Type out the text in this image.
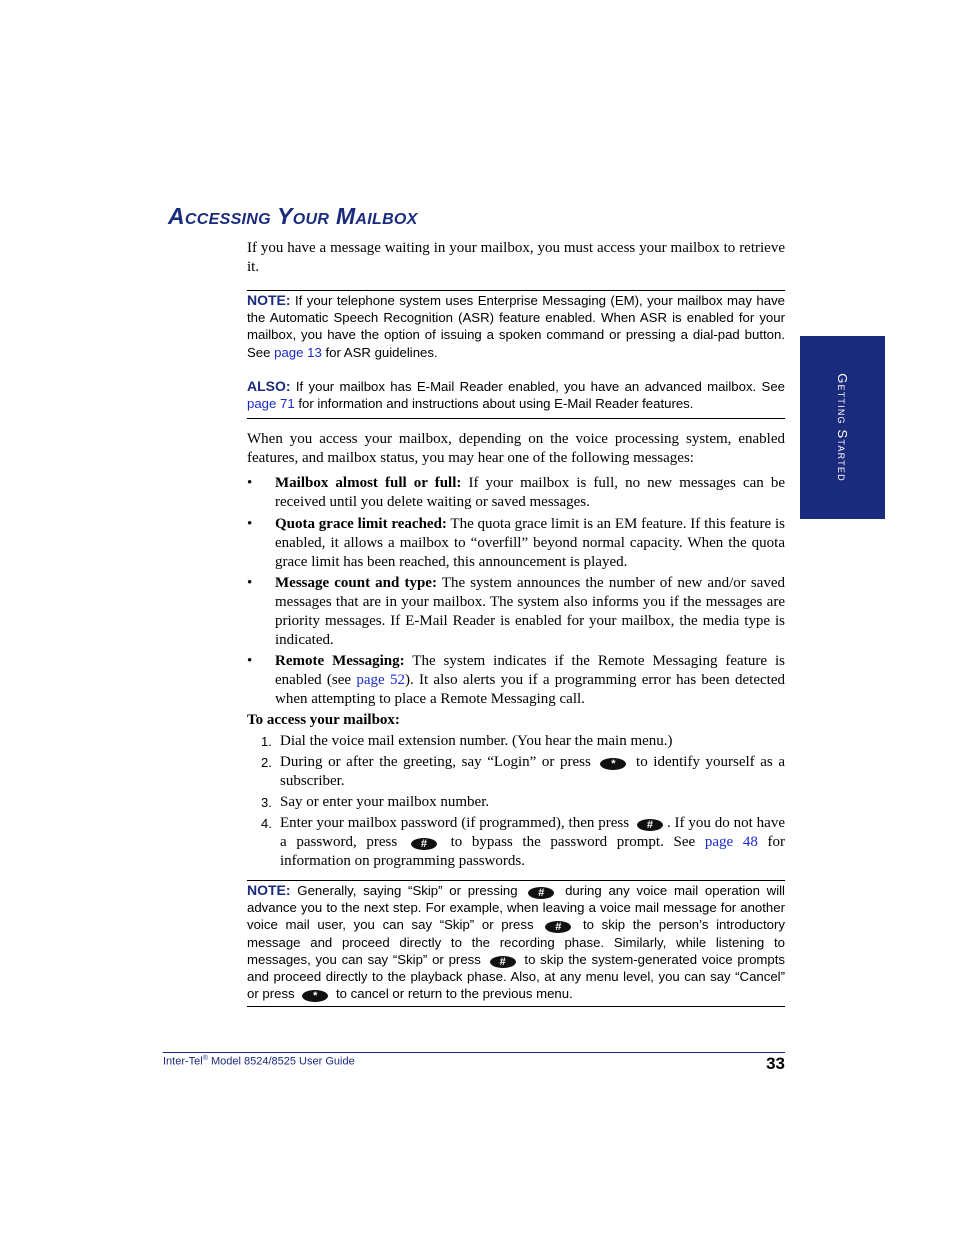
Accessing Your Mailbox
If you have a message waiting in your mailbox, you must access your mailbox to retrieve it.
NOTE: If your telephone system uses Enterprise Messaging (EM), your mailbox may have the Automatic Speech Recognition (ASR) feature enabled. When ASR is enabled for your mailbox, you have the option of issuing a spoken command or pressing a dial-pad button. See page 13 for ASR guidelines.
ALSO: If your mailbox has E-Mail Reader enabled, you have an advanced mailbox. See page 71 for information and instructions about using E-Mail Reader features.
When you access your mailbox, depending on the voice processing system, enabled features, and mailbox status, you may hear one of the following messages:
• Mailbox almost full or full: If your mailbox is full, no new messages can be received until you delete waiting or saved messages.
• Quota grace limit reached: The quota grace limit is an EM feature. If this feature is enabled, it allows a mailbox to “overfill” beyond normal capacity. When the quota grace limit has been reached, this announcement is played.
• Message count and type: The system announces the number of new and/or saved messages that are in your mailbox. The system also informs you if the messages are priority messages. If E-Mail Reader is enabled for your mailbox, the media type is indicated.
• Remote Messaging: The system indicates if the Remote Messaging feature is enabled (see page 52). It also alerts you if a programming error has been detected when attempting to place a Remote Messaging call.
To access your mailbox:
1. Dial the voice mail extension number. (You hear the main menu.)
2. During or after the greeting, say “Login” or press * to identify yourself as a subscriber.
3. Say or enter your mailbox number.
4. Enter your mailbox password (if programmed), then press # . If you do not have a password, press # to bypass the password prompt. See page 48 for information on programming passwords.
NOTE: Generally, saying “Skip” or pressing # during any voice mail operation will advance you to the next step. For example, when leaving a voice mail message for another voice mail user, you can say “Skip” or press # to skip the person’s introductory message and proceed directly to the recording phase. Similarly, while listening to messages, you can say “Skip” or press # to skip the system-generated voice prompts and proceed directly to the playback phase. Also, at any menu level, you can say “Cancel” or press * to cancel or return to the previous menu.
Getting Started
Inter-Tel® Model 8524/8525 User Guide	33
